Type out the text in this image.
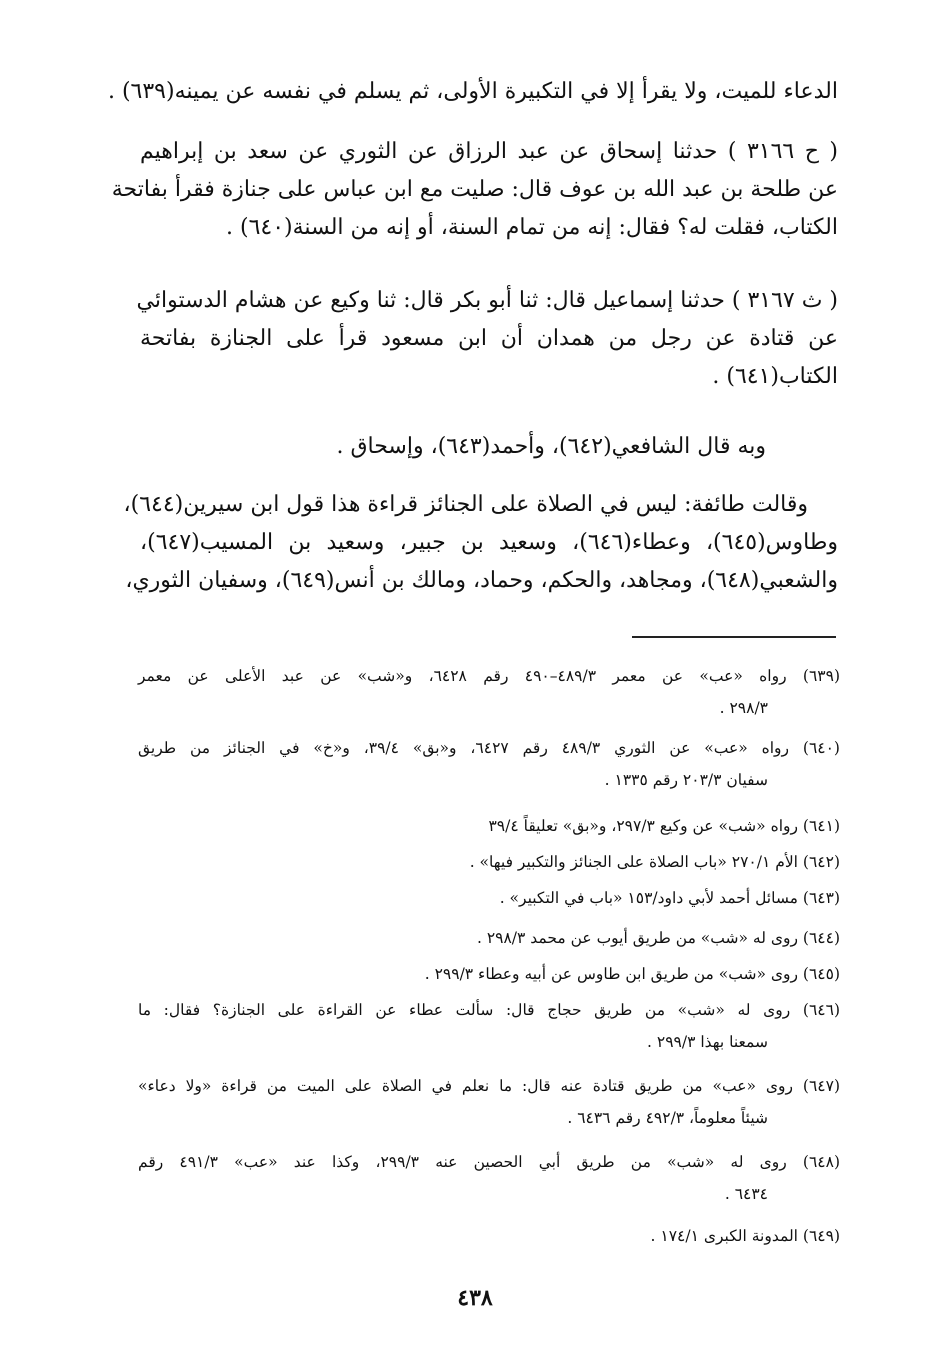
الدعاء للميت، ولا يقرأ إلا في التكبيرة الأولى، ثم يسلم في نفسه عن يمينه(٦٣٩) .
( ح ٣١٦٦ ) حدثنا إسحاق عن عبد الرزاق عن الثوري عن سعد بن إبراهيم
عن طلحة بن عبد الله بن عوف قال: صليت مع ابن عباس على جنازة فقرأ بفاتحة
الكتاب، فقلت له؟ فقال: إنه من تمام السنة، أو إنه من السنة(٦٤٠) .
( ث ٣١٦٧ ) حدثنا إسماعيل قال: ثنا أبو بكر قال: ثنا وكيع عن هشام الدستوائي
عن قتادة عن رجل من همدان أن ابن مسعود قرأ على الجنازة بفاتحة
الكتاب(٦٤١) .
وبه قال الشافعي(٦٤٢)، وأحمد(٦٤٣)، وإسحاق .
وقالت طائفة: ليس في الصلاة على الجنائز قراءة هذا قول ابن سيرين(٦٤٤)،
وطاوس(٦٤٥)، وعطاء(٦٤٦)، وسعيد بن جبير، وسعيد بن المسيب(٦٤٧)،
والشعبي(٦٤٨)، ومجاهد، والحكم، وحماد، ومالك بن أنس(٦٤٩)، وسفيان الثوري،
(٦٣٩) رواه «عب» عن معمر ٤٨٩/٣–٤٩٠ رقم ٦٤٢٨، و«شب» عن عبد الأعلى عن معمر
٢٩٨/٣ .
(٦٤٠) رواه «عب» عن الثوري ٤٨٩/٣ رقم ٦٤٢٧، و«بق» ٣٩/٤، و«خ» في الجنائز من طريق
سفيان ٢٠٣/٣ رقم ١٣٣٥ .
(٦٤١) رواه «شب» عن وكيع ٢٩٧/٣، و«بق» تعليقاً ٣٩/٤
(٦٤٢) الأم ٢٧٠/١ «باب الصلاة على الجنائز والتكبير فيها» .
(٦٤٣) مسائل أحمد لأبي داود/١٥٣ «باب في التكبير» .
(٦٤٤) روى له «شب» من طريق أيوب عن محمد ٢٩٨/٣ .
(٦٤٥) روى «شب» من طريق ابن طاوس عن أبيه وعطاء ٢٩٩/٣ .
(٦٤٦) روى له «شب» من طريق حجاج قال: سألت عطاء عن القراءة على الجنازة؟ فقال: ما
سمعنا بهذا ٢٩٩/٣ .
(٦٤٧) روى «عب» من طريق قتادة عنه قال: ما نعلم في الصلاة على الميت من قراءة «ولا دعاء»
شيئاً معلوماً، ٤٩٢/٣ رقم ٦٤٣٦ .
(٦٤٨) روى له «شب» من طريق أبي الحصين عنه ٢٩٩/٣، وكذا عند «عب» ٤٩١/٣ رقم
٦٤٣٤ .
(٦٤٩) المدونة الكبرى ١٧٤/١ .
٤٣٨
